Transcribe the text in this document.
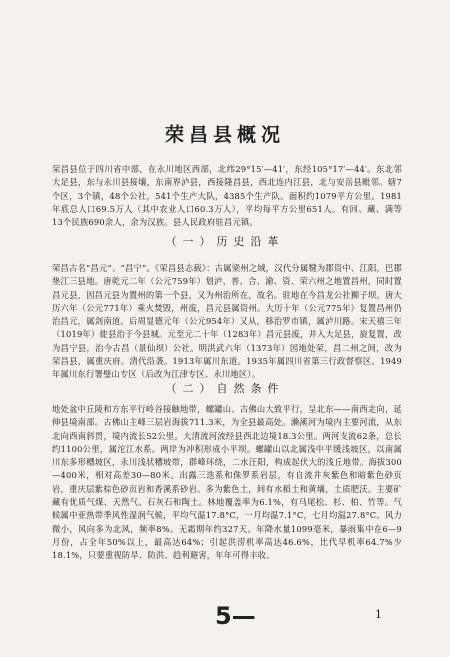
荣昌县概况

荣昌县位于四川省中部，在永川地区西部，北纬29°15′—41′，东经105°17′—44′。东北邻大足县，东与永川县接壤，东南界泸县，西接隆昌县，西北连内江县，北与安岳县毗邻。辖7个区，3个镇，48个公社，541个生产大队，4385个生产队。面积约1079平方公里。1981年底总人口69.5万人（其中农业人口60.3万人），平均每平方公里651人。有回、藏、满等13个民族690余人，余为汉族。县人民政府驻昌元镇。

（一）历史沿革

荣昌古名“昌元”、“昌宁”。《荣昌县志载》：古属梁州之域，汉代分属犍为郡资中、江阳，巴郡垫江三县地。唐乾元二年（公元759年）划泸、普、合、渝、资、荣六州之地置昌州，同时置昌元县，因昌元县为置州的第一个县，又为州治所在，故名。驻地在今昌龙公社狮子坝。唐大历六年（公元771年）乘火焚毁，州废，昌元县属资州。大历十年（公元775年）复置昌州仍治昌元，属剑南道。后周显德元年（公元954年）又从，移治罗市镇，属泸川路。宋天禧三年（1019年）徙县治于今县城。元至元二十年（1283年）昌元县废，并入大足县，旋复置，改为昌宁县，治今古昌（景仙坝）公社。明洪武六年（1373年）因地处荣，昌二州之间，改为荣昌县，属重庆府。清代沿袭。1913年属川东道。1935年属四川省第三行政督察区。1949年属川东行署璧山专区（后改为江津专区、永川地区）。

（二）自然条件

地处盆中丘陵和方东平行岭谷接触地带，螺罐山、古佛山大致平行，呈北东——南西走向，延伸县境南部。古佛山主峰三层岩海拔711.3米，为全县最高处。濑溪河为境内主要河流，从东北向西南斜贯，境内流长52公里。大清流河流经县西北边境18.3公里。两河支流62条，总长约1100公里，属沱江水系。两岸为冲积形成小平坝。螺罐山以北属浅中平缓浅坡区，以南属川东多形槽坡区，永川浅状槽坡带，群峰环绕，二水汪阳，构成起伏大的浅丘地带。海拔300—400米，相对高差30—80米。出露三迭系和侏罗系岩层，有自流井灰紫色和暗紫色砂页岩，重庆层紫棕色砂页岩和香溪系砂岩。多为紫色土，间有水稻土和黄壤，土质肥沃。主要矿藏有优质气煤、天然气、石灰石和陶土。林地覆盖率为6.1%，有马尾松、杉、柏、竹等。气候属中亚热带季风性湿润气候，平均气温17.8°C，一月均温7.1°C，七月均温27.8°C。风力微小，风向多为北风，频率8%。无霜期年约327天。年降水量1099毫米，暴雨集中在6—9月份，占全年50%以上，最高达64%；引起洪涝机率高达46.6%，比代早机率64.7%少18.1%，只要重视防旱、防洪、趋利避害，年年可得丰收。

5—	1
